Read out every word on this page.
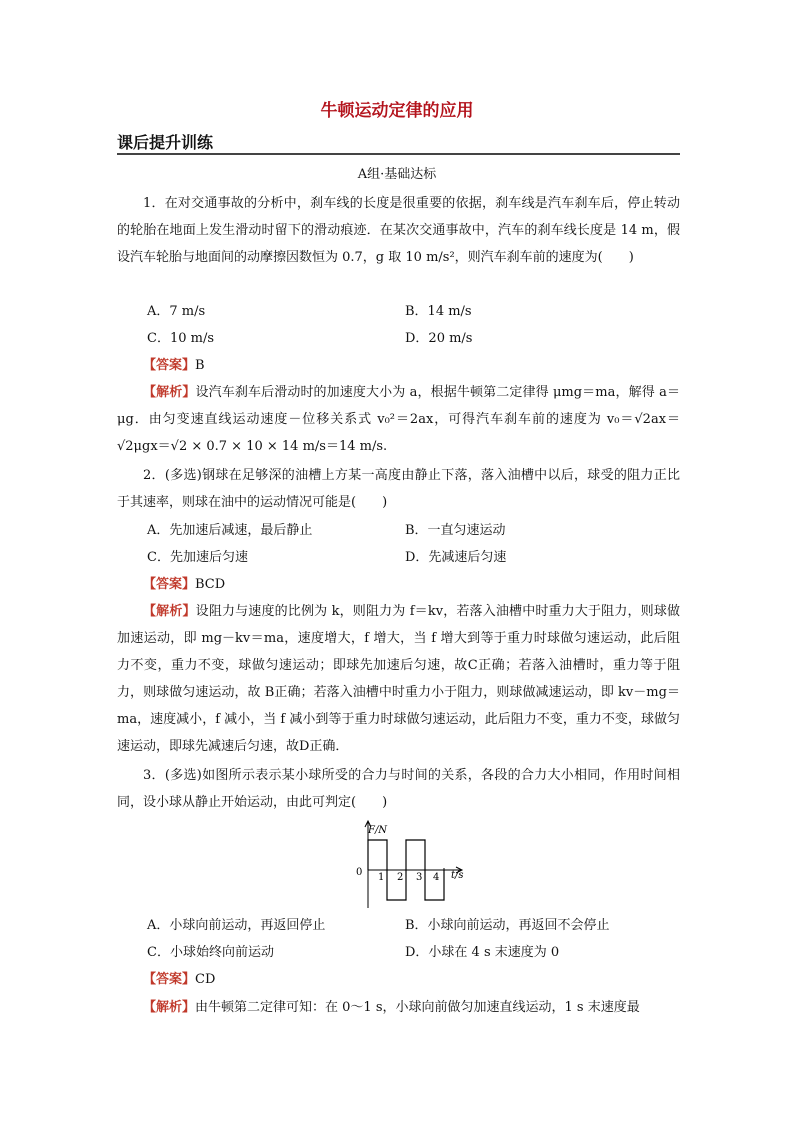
牛顿运动定律的应用
课后提升训练
A组·基础达标
1．在对交通事故的分析中，刹车线的长度是很重要的依据，刹车线是汽车刹车后，停止转动的轮胎在地面上发生滑动时留下的滑动痕迹．在某次交通事故中，汽车的刹车线长度是 14 m，假设汽车轮胎与地面间的动摩擦因数恒为 0.7，g 取 10 m/s²，则汽车刹车前的速度为(　　)
A．7 m/s	B．14 m/s
C．10 m/s	D．20 m/s
【答案】B
【解析】设汽车刹车后滑动时的加速度大小为 a，根据牛顿第二定律得 μmg＝ma，解得 a＝μg．由匀变速直线运动速度－位移关系式 v₀²＝2ax，可得汽车刹车前的速度为 v₀＝√2ax＝√2μgx＝√2 × 0.7 × 10 × 14 m/s＝14 m/s.
2．(多选)钢球在足够深的油槽上方某一高度由静止下落，落入油槽中以后，球受的阻力正比于其速率，则球在油中的运动情况可能是(　　)
A．先加速后减速，最后静止	B．一直匀速运动
C．先加速后匀速	D．先减速后匀速
【答案】BCD
【解析】设阻力与速度的比例为 k，则阻力为 f＝kv，若落入油槽中时重力大于阻力，则球做加速运动，即 mg－kv＝ma，速度增大，f 增大，当 f 增大到等于重力时球做匀速运动，此后阻力不变，重力不变，球做匀速运动；即球先加速后匀速，故C正确；若落入油槽时，重力等于阻力，则球做匀速运动，故 B正确；若落入油槽中时重力小于阻力，则球做减速运动，即 kv－mg＝ma，速度减小，f 减小，当 f 减小到等于重力时球做匀速运动，此后阻力不变，重力不变，球做匀速运动，即球先减速后匀速，故D正确．
3．(多选)如图所示表示某小球所受的合力与时间的关系，各段的合力大小相同，作用时间相同，设小球从静止开始运动，由此可判定(　　)
F/N
t/s
0 1 2 3 4
A．小球向前运动，再返回停止	B．小球向前运动，再返回不会停止
C．小球始终向前运动	D．小球在 4 s 末速度为 0
【答案】CD
【解析】由牛顿第二定律可知：在 0～1 s，小球向前做匀加速直线运动，1 s 末速度最
